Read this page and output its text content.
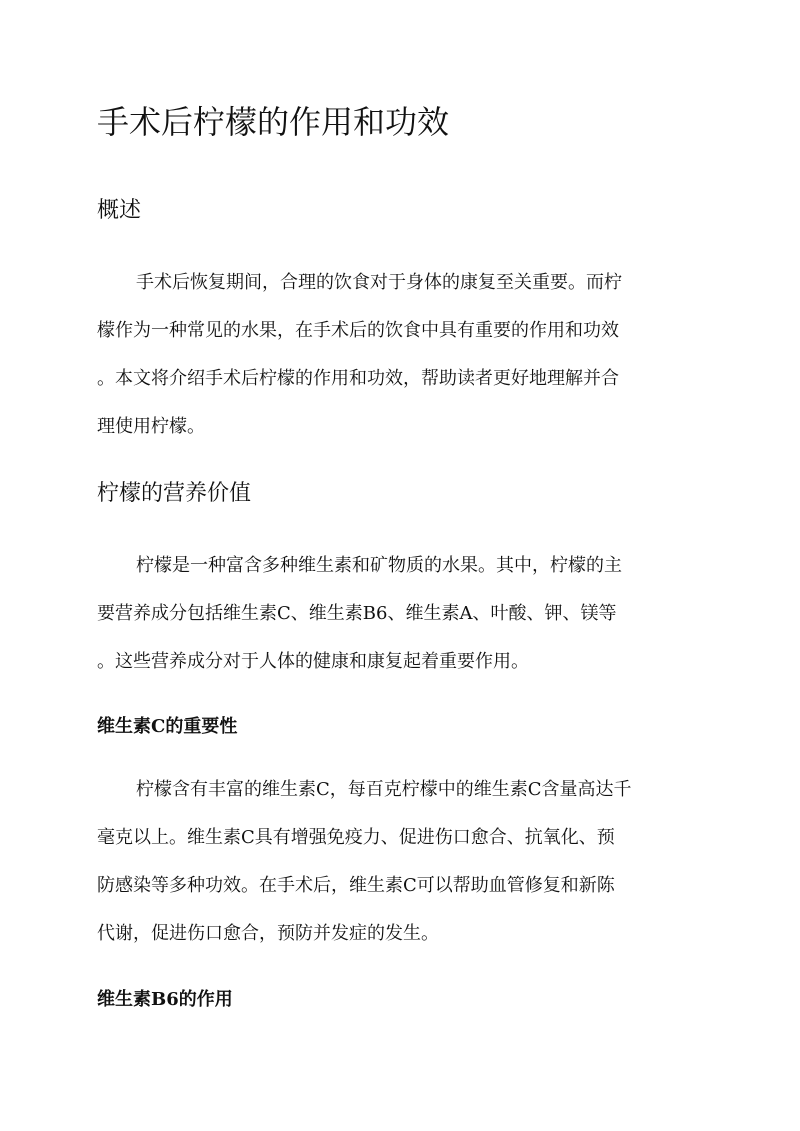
手术后柠檬的作用和功效
概述
手术后恢复期间，合理的饮食对于身体的康复至关重要。而柠
檬作为一种常见的水果，在手术后的饮食中具有重要的作用和功效
。本文将介绍手术后柠檬的作用和功效，帮助读者更好地理解并合
理使用柠檬。
柠檬的营养价值
柠檬是一种富含多种维生素和矿物质的水果。其中，柠檬的主
要营养成分包括维生素C、维生素B6、维生素A、叶酸、钾、镁等
。这些营养成分对于人体的健康和康复起着重要作用。
维生素C的重要性
柠檬含有丰富的维生素C，每百克柠檬中的维生素C含量高达千
毫克以上。维生素C具有增强免疫力、促进伤口愈合、抗氧化、预
防感染等多种功效。在手术后，维生素C可以帮助血管修复和新陈
代谢，促进伤口愈合，预防并发症的发生。
维生素B6的作用
